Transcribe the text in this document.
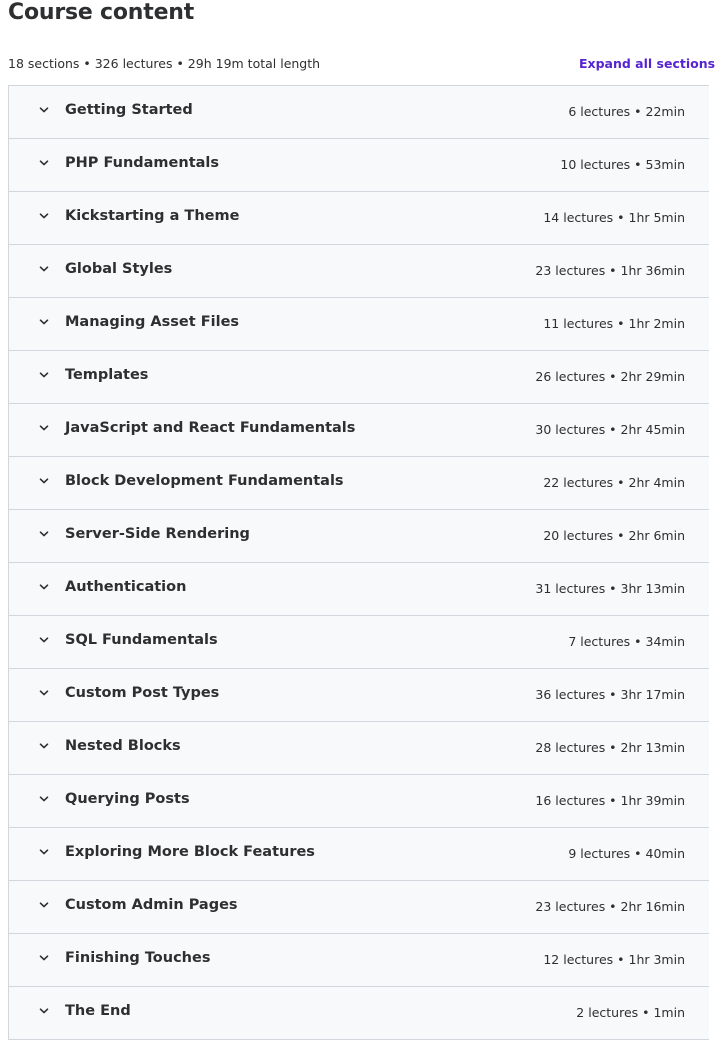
Course content
18 sections • 326 lectures • 29h 19m total length	Expand all sections
Getting Started	6 lectures • 22min
PHP Fundamentals	10 lectures • 53min
Kickstarting a Theme	14 lectures • 1hr 5min
Global Styles	23 lectures • 1hr 36min
Managing Asset Files	11 lectures • 1hr 2min
Templates	26 lectures • 2hr 29min
JavaScript and React Fundamentals	30 lectures • 2hr 45min
Block Development Fundamentals	22 lectures • 2hr 4min
Server-Side Rendering	20 lectures • 2hr 6min
Authentication	31 lectures • 3hr 13min
SQL Fundamentals	7 lectures • 34min
Custom Post Types	36 lectures • 3hr 17min
Nested Blocks	28 lectures • 2hr 13min
Querying Posts	16 lectures • 1hr 39min
Exploring More Block Features	9 lectures • 40min
Custom Admin Pages	23 lectures • 2hr 16min
Finishing Touches	12 lectures • 1hr 3min
The End	2 lectures • 1min
